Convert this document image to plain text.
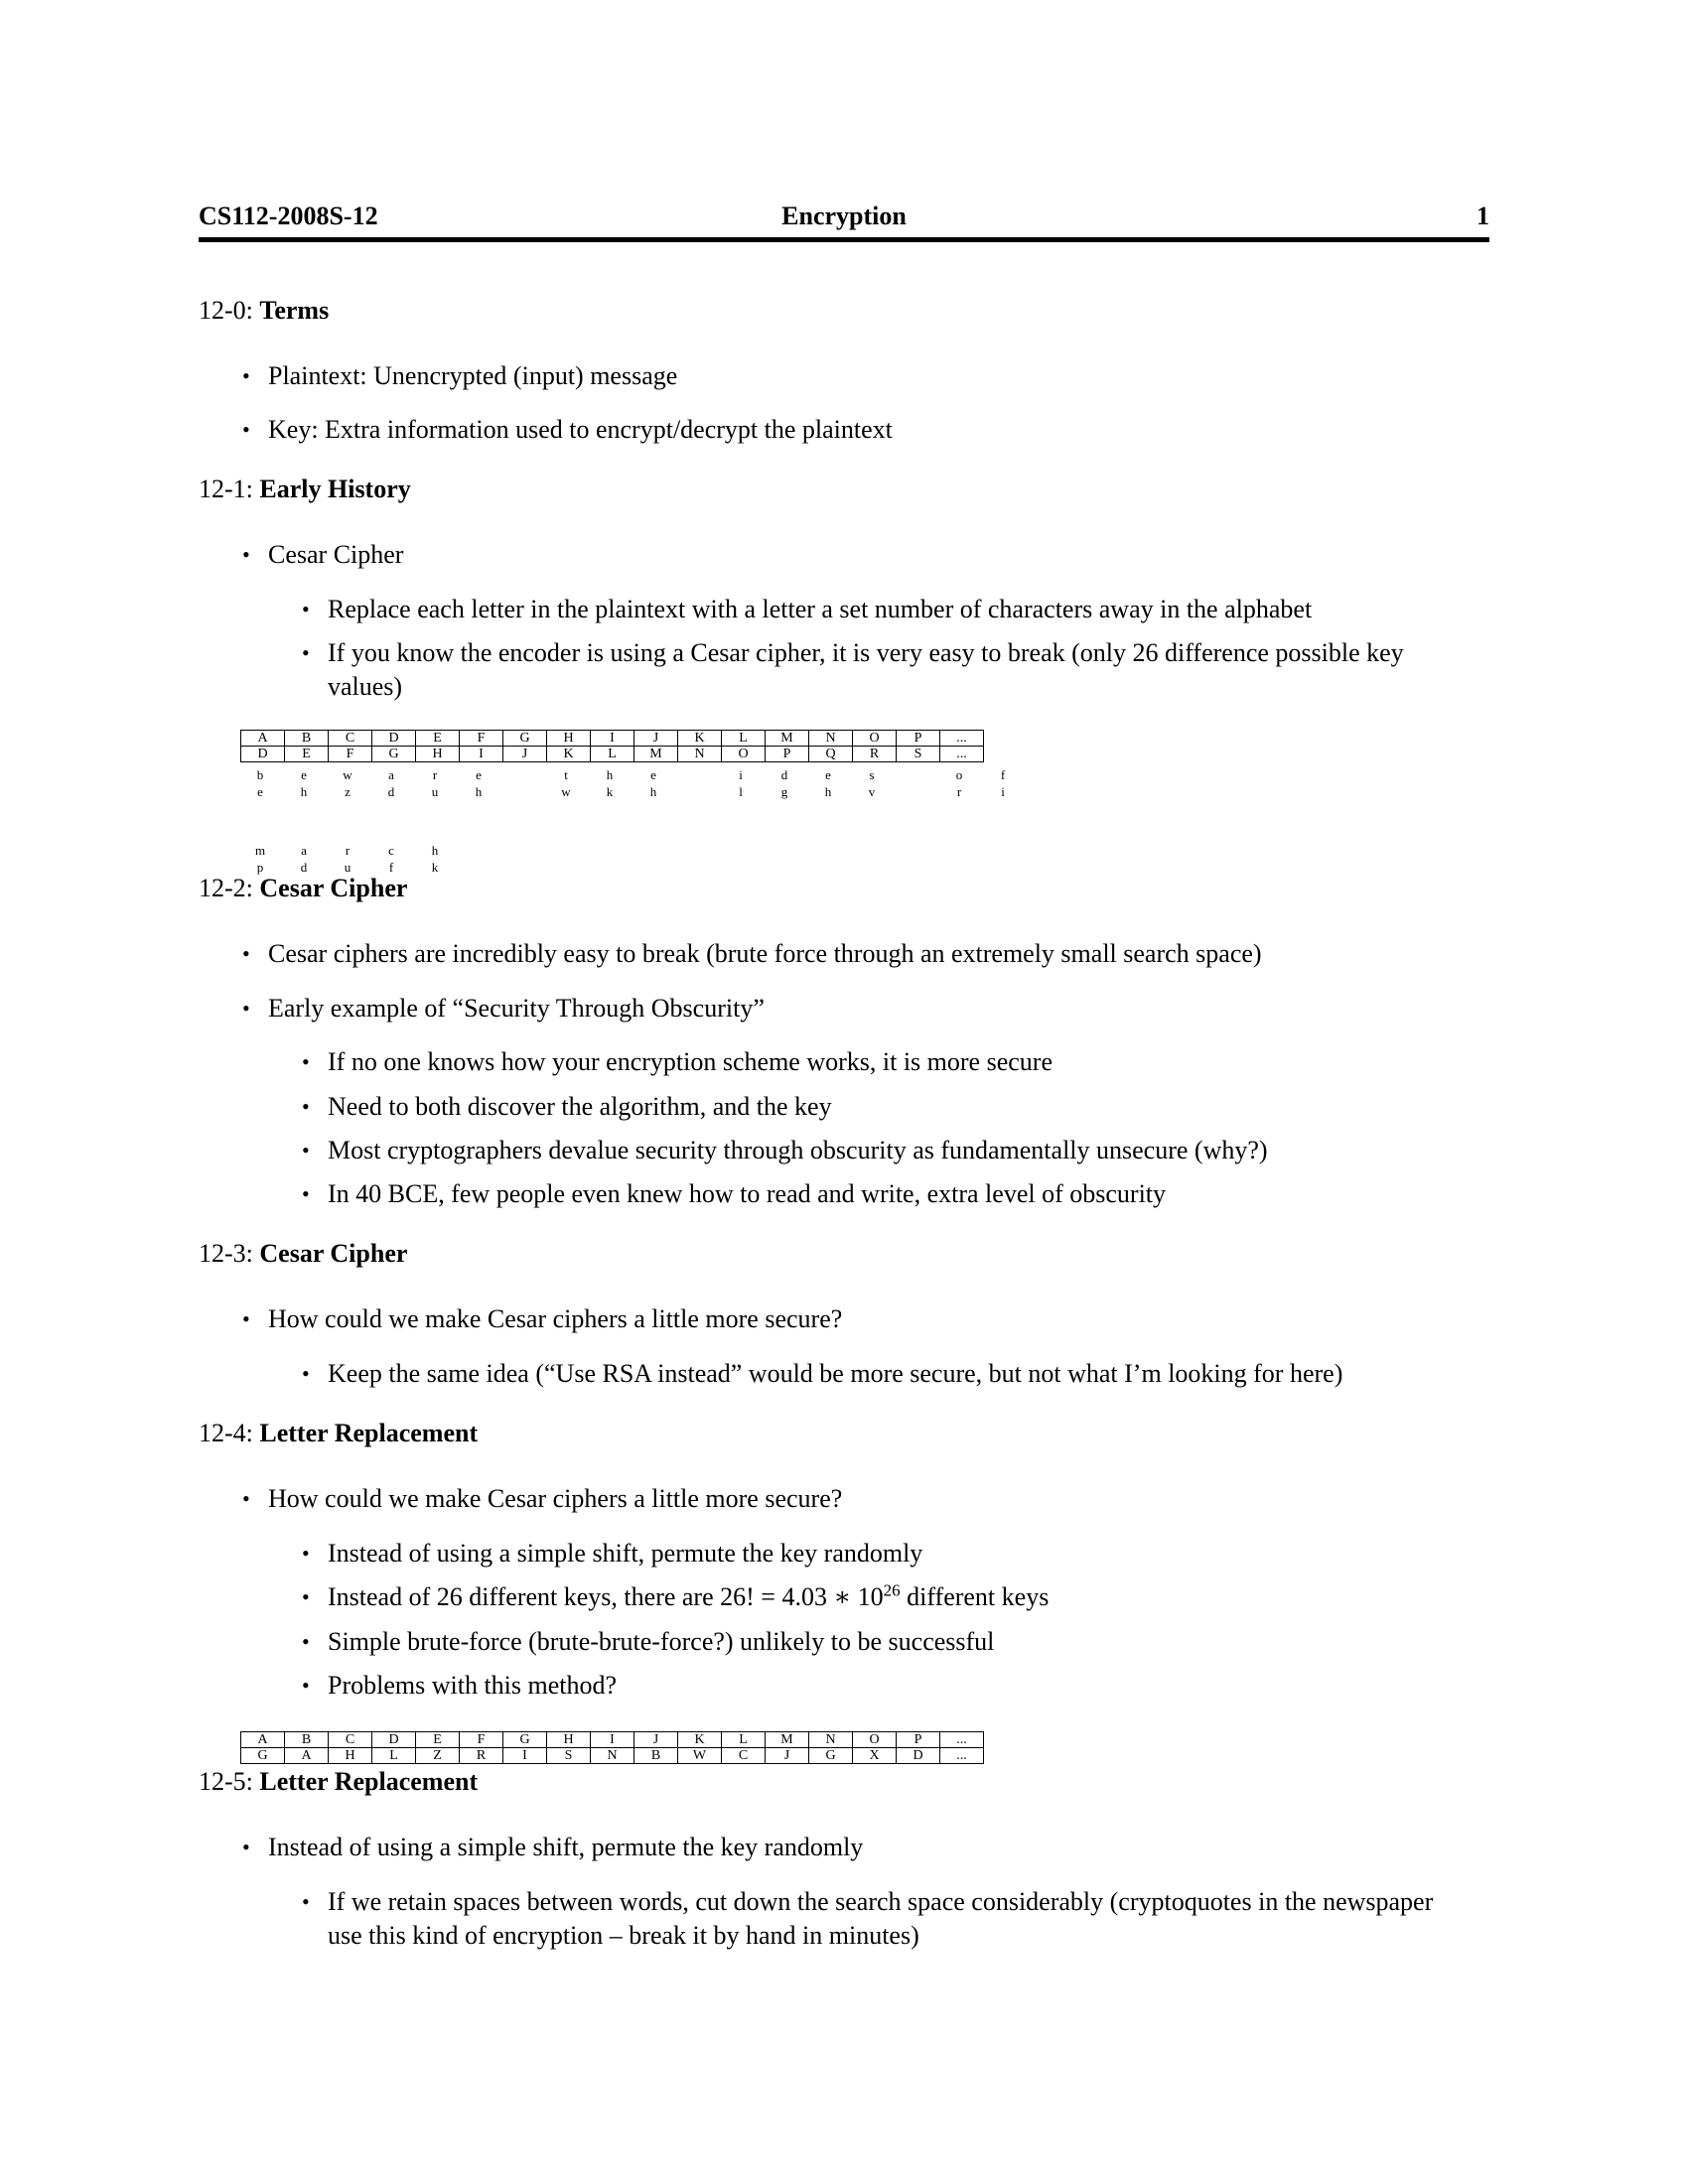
CS112-2008S-12	Encryption	1
12-0: Terms
• Plaintext: Unencrypted (input) message
• Key: Extra information used to encrypt/decrypt the plaintext
12-1: Early History
• Cesar Cipher
• Replace each letter in the plaintext with a letter a set number of characters away in the alphabet
• If you know the encoder is using a Cesar cipher, it is very easy to break (only 26 difference possible key
values)
A	B	C	D	E	F	G	H	I	J	K	L	M	N	O	P	...
D	E	F	G	H	I	J	K	L	M	N	O	P	Q	R	S	...
b	e	w	a	r	e	t	h	e	i	d	e	s	o	f
e	h	z	d	u	h	w	k	h	l	g	h	v	r	i
m	a	r	c	h
p	d	u	f	k
12-2: Cesar Cipher
• Cesar ciphers are incredibly easy to break (brute force through an extremely small search space)
• Early example of “Security Through Obscurity”
• If no one knows how your encryption scheme works, it is more secure
• Need to both discover the algorithm, and the key
• Most cryptographers devalue security through obscurity as fundamentally unsecure (why?)
• In 40 BCE, few people even knew how to read and write, extra level of obscurity
12-3: Cesar Cipher
• How could we make Cesar ciphers a little more secure?
• Keep the same idea (“Use RSA instead” would be more secure, but not what I’m looking for here)
12-4: Letter Replacement
• How could we make Cesar ciphers a little more secure?
• Instead of using a simple shift, permute the key randomly
• Instead of 26 different keys, there are 26! = 4.03 ∗ $10^{26}$ different keys
• Simple brute-force (brute-brute-force?) unlikely to be successful
• Problems with this method?
A	B	C	D	E	F	G	H	I	J	K	L	M	N	O	P	...
G	A	H	L	Z	R	I	S	N	B	W	C	J	G	X	D	...
12-5: Letter Replacement
• Instead of using a simple shift, permute the key randomly
• If we retain spaces between words, cut down the search space considerably (cryptoquotes in the newspaper
use this kind of encryption – break it by hand in minutes)
